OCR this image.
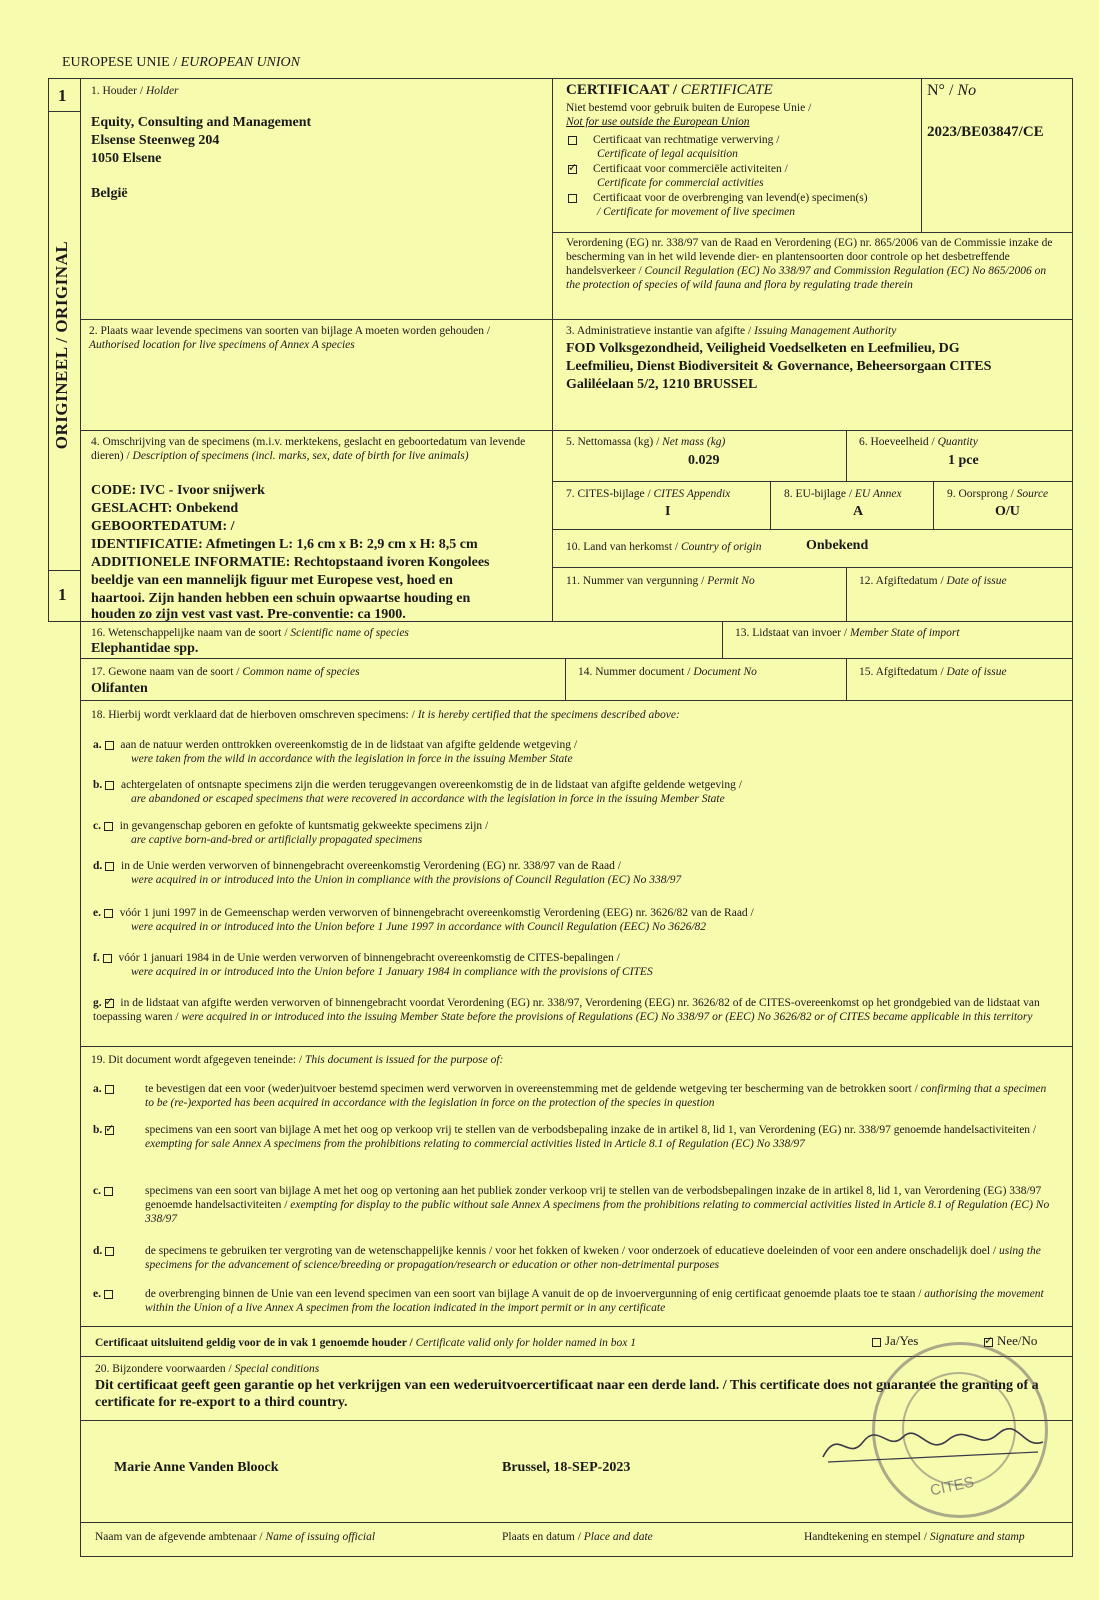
EUROPESE UNIE / EUROPEAN UNION
1
1
ORIGINEEL / ORIGINAL
1. Houder / Holder
Equity, Consulting and Management
Elsense Steenweg 204
1050 Elsene
België
CERTIFICAAT / CERTIFICATE
Niet bestemd voor gebruik buiten de Europese Unie /
Not for use outside the European Union
Certificaat van rechtmatige verwerving /
Certificate of legal acquisition
✓Certificaat voor commerciële activiteiten /
Certificate for commercial activities
Certificaat voor de overbrenging van levend(e) specimen(s)
/ Certificate for movement of live specimen
N° / No
2023/BE03847/CE
Verordening (EG) nr. 338/97 van de Raad en Verordening (EG) nr. 865/2006 van de Commissie inzake de bescherming van in het wild levende dier- en plantensoorten door controle op het desbetreffende handelsverkeer / Council Regulation (EC) No 338/97 and Commission Regulation (EC) No 865/2006 on the protection of species of wild fauna and flora by regulating trade therein
2. Plaats waar levende specimens van soorten van bijlage A moeten worden gehouden / Authorised location for live specimens of Annex A species
3. Administratieve instantie van afgifte / Issuing Management Authority
FOD Volksgezondheid, Veiligheid Voedselketen en Leefmilieu, DG
Leefmilieu, Dienst Biodiversiteit & Governance, Beheersorgaan CITES
Galiléelaan 5/2, 1210 BRUSSEL
4. Omschrijving van de specimens (m.i.v. merktekens, geslacht en geboortedatum van levende dieren) / Description of specimens (incl. marks, sex, date of birth for live animals)
CODE: IVC - Ivoor snijwerk
GESLACHT: Onbekend
GEBOORTEDATUM: /
IDENTIFICATIE: Afmetingen L: 1,6 cm x B: 2,9 cm x H: 8,5 cm
ADDITIONELE INFORMATIE: Rechtopstaand ivoren Kongolees
beeldje van een mannelijk figuur met Europese vest, hoed en
haartooi. Zijn handen hebben een schuin opwaartse houding en
houden zo zijn vest vast vast. Pre-conventie: ca 1900.
5. Nettomassa (kg) / Net mass (kg)
0.029
6. Hoeveelheid / Quantity
1 pce
7. CITES-bijlage / CITES Appendix
I
8. EU-bijlage / EU Annex
A
9. Oorsprong / Source
O/U
10. Land van herkomst / Country of origin	Onbekend
11. Nummer van vergunning / Permit No	12. Afgiftedatum / Date of issue
16. Wetenschappelijke naam van de soort / Scientific name of species
Elephantidae spp.
13. Lidstaat van invoer / Member State of import
17. Gewone naam van de soort / Common name of species
Olifanten
14. Nummer document / Document No	15. Afgiftedatum / Date of issue
18. Hierbij wordt verklaard dat de hierboven omschreven specimens: / It is hereby certified that the specimens described above:
a. aan de natuur werden onttrokken overeenkomstig de in de lidstaat van afgifte geldende wetgeving /
were taken from the wild in accordance with the legislation in force in the issuing Member State
b. achtergelaten of ontsnapte specimens zijn die werden teruggevangen overeenkomstig de in de lidstaat van afgifte geldende wetgeving /
are abandoned or escaped specimens that were recovered in accordance with the legislation in force in the issuing Member State
c. in gevangenschap geboren en gefokte of kuntsmatig gekweekte specimens zijn /
are captive born-and-bred or artificially propagated specimens
d. in de Unie werden verworven of binnengebracht overeenkomstig Verordening (EG) nr. 338/97 van de Raad /
were acquired in or introduced into the Union in compliance with the provisions of Council Regulation (EC) No 338/97
e. vóór 1 juni 1997 in de Gemeenschap werden verworven of binnengebracht overeenkomstig Verordening (EEG) nr. 3626/82 van de Raad /
were acquired in or introduced into the Union before 1 June 1997 in accordance with Council Regulation (EEC) No 3626/82
f. vóór 1 januari 1984 in de Unie werden verworven of binnengebracht overeenkomstig de CITES-bepalingen /
were acquired in or introduced into the Union before 1 January 1984 in compliance with the provisions of CITES
g. ✓ in de lidstaat van afgifte werden verworven of binnengebracht voordat Verordening (EG) nr. 338/97, Verordening (EEG) nr. 3626/82 of de CITES-overeenkomst op het grondgebied van de lidstaat van toepassing waren / were acquired in or introduced into the issuing Member State before the provisions of Regulations (EC) No 338/97 or (EEC) No 3626/82 or of CITES became applicable in this territory
19. Dit document wordt afgegeven teneinde: / This document is issued for the purpose of:
a.	te bevestigen dat een voor (weder)uitvoer bestemd specimen werd verworven in overeenstemming met de geldende wetgeving ter bescherming van de betrokken soort / confirming that a specimen to be (re-)exported has been acquired in accordance with the legislation in force on the protection of the species in question
b. ✓	specimens van een soort van bijlage A met het oog op verkoop vrij te stellen van de verbodsbepaling inzake de in artikel 8, lid 1, van Verordening (EG) nr. 338/97 genoemde handelsactiviteiten / exempting for sale Annex A specimens from the prohibitions relating to commercial activities listed in Article 8.1 of Regulation (EC) No 338/97
c.	specimens van een soort van bijlage A met het oog op vertoning aan het publiek zonder verkoop vrij te stellen van de verbodsbepalingen inzake de in artikel 8, lid 1, van Verordening (EG) 338/97 genoemde handelsactiviteiten / exempting for display to the public without sale Annex A specimens from the prohibitions relating to commercial activities listed in Article 8.1 of Regulation (EC) No 338/97
d.	de specimens te gebruiken ter vergroting van de wetenschappelijke kennis / voor het fokken of kweken / voor onderzoek of educatieve doeleinden of voor een andere onschadelijk doel / using the specimens for the advancement of science/breeding or propagation/research or education or other non-detrimental purposes
e.	de overbrenging binnen de Unie van een levend specimen van een soort van bijlage A vanuit de op de invoervergunning of enig certificaat genoemde plaats toe te staan / authorising the movement within the Union of a live Annex A specimen from the location indicated in the import permit or in any certificate
Certificaat uitsluitend geldig voor de in vak 1 genoemde houder / Certificate valid only for holder named in box 1	Ja/Yes ✓	Nee/No
20. Bijzondere voorwaarden / Special conditions
Dit certificaat geeft geen garantie op het verkrijgen van een wederuitvoercertificaat naar een derde land. / This certificate does not guarantee the granting of a certificate for re-export to a third country.
Marie Anne Vanden Bloock	Brussel, 18-SEP-2023
CITES
Naam van de afgevende ambtenaar / Name of issuing official	Plaats en datum / Place and date	Handtekening en stempel / Signature and stamp
